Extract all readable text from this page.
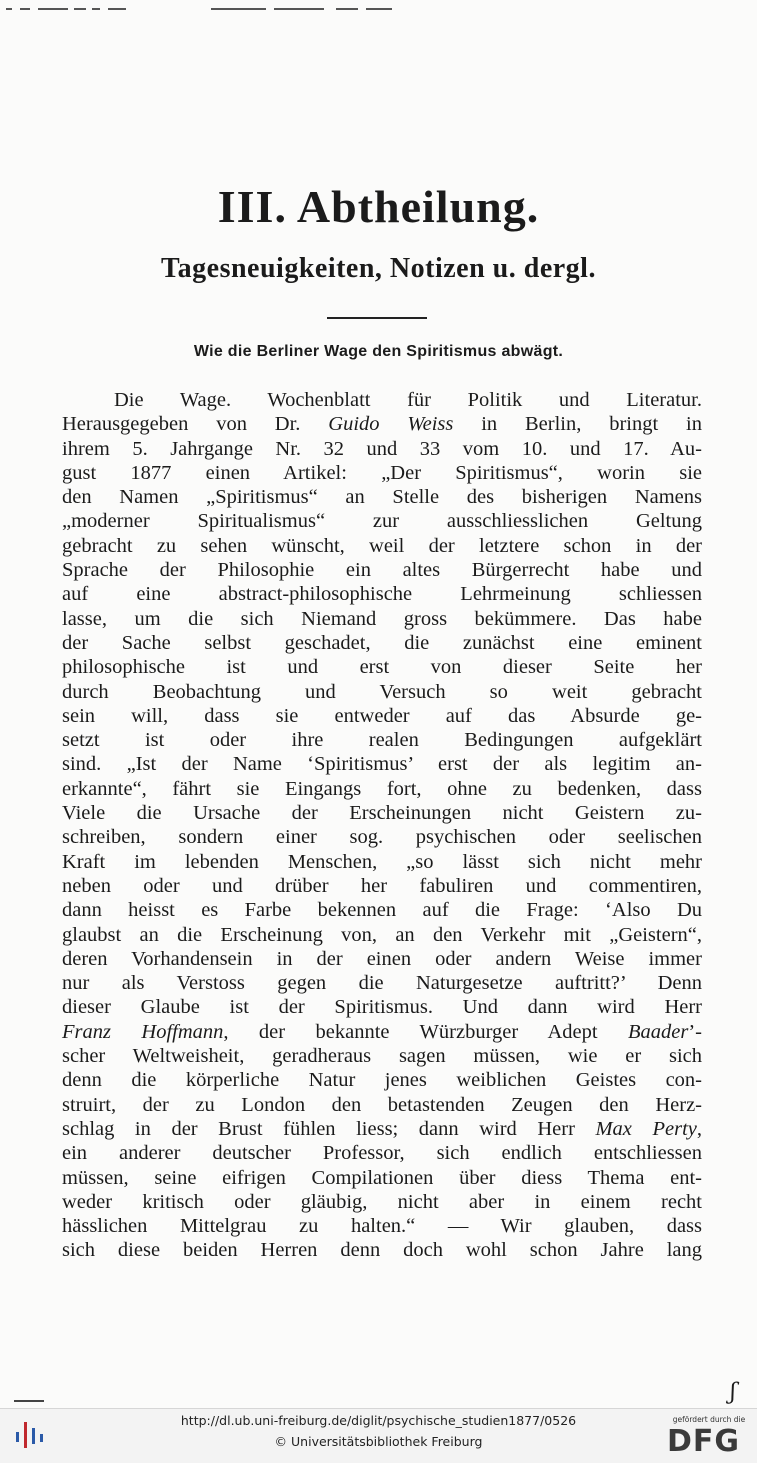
III. Abtheilung.
Tagesneuigkeiten, Notizen u. dergl.
Wie die Berliner Wage den Spiritismus abwägt.
Die Wage. Wochenblatt für Politik und Literatur.
Herausgegeben von Dr. Guido Weiss in Berlin, bringt in
ihrem 5. Jahrgange Nr. 32 und 33 vom 10. und 17. Au-
gust 1877 einen Artikel: „Der Spiritismus“, worin sie
den Namen „Spiritismus“ an Stelle des bisherigen Namens
„moderner Spiritualismus“ zur ausschliesslichen Geltung
gebracht zu sehen wünscht, weil der letztere schon in der
Sprache der Philosophie ein altes Bürgerrecht habe und
auf eine abstract-philosophische Lehrmeinung schliessen
lasse, um die sich Niemand gross bekümmere. Das habe
der Sache selbst geschadet, die zunächst eine eminent
philosophische ist und erst von dieser Seite her
durch Beobachtung und Versuch so weit gebracht
sein will, dass sie entweder auf das Absurde ge-
setzt ist oder ihre realen Bedingungen aufgeklärt
sind. „Ist der Name ‘Spiritismus’ erst der als legitim an-
erkannte“, fährt sie Eingangs fort, ohne zu bedenken, dass
Viele die Ursache der Erscheinungen nicht Geistern zu-
schreiben, sondern einer sog. psychischen oder seelischen
Kraft im lebenden Menschen, „so lässt sich nicht mehr
neben oder und drüber her fabuliren und commentiren,
dann heisst es Farbe bekennen auf die Frage: ‘Also Du
glaubst an die Erscheinung von, an den Verkehr mit „Geistern“,
deren Vorhandensein in der einen oder andern Weise immer
nur als Verstoss gegen die Naturgesetze auftritt?’ Denn
dieser Glaube ist der Spiritismus. Und dann wird Herr
Franz Hoffmann, der bekannte Würzburger Adept Baader’-
scher Weltweisheit, geradheraus sagen müssen, wie er sich
denn die körperliche Natur jenes weiblichen Geistes con-
struirt, der zu London den betastenden Zeugen den Herz-
schlag in der Brust fühlen liess; dann wird Herr Max Perty,
ein anderer deutscher Professor, sich endlich entschliessen
müssen, seine eifrigen Compilationen über diess Thema ent-
weder kritisch oder gläubig, nicht aber in einem recht
hässlichen Mittelgrau zu halten.“ — Wir glauben, dass
sich diese beiden Herren denn doch wohl schon Jahre lang
ʃ
http://dl.ub.uni-freiburg.de/diglit/psychische_studien1877/0526
© Universitätsbibliothek Freiburg
gefördert durch die
DFG
